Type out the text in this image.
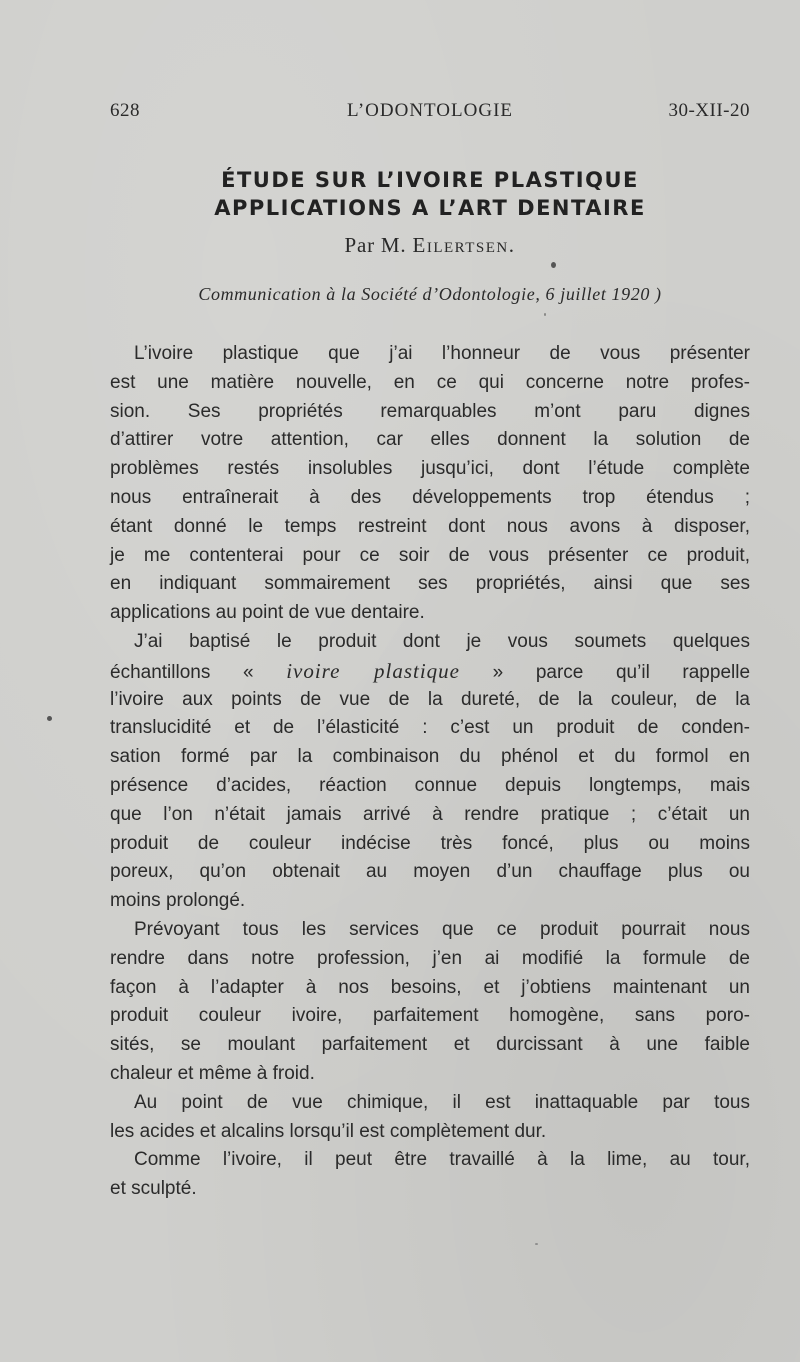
628	L’ODONTOLOGIE	30-XII-20
ÉTUDE SUR L’IVOIRE PLASTIQUE
APPLICATIONS A L’ART DENTAIRE
Par M. Eilertsen.
Communication à la Société d’Odontologie, 6 juillet 1920 )
L’ivoire plastique que j’ai l’honneur de vous présenter
est une matière nouvelle, en ce qui concerne notre profes-
sion. Ses propriétés remarquables m’ont paru dignes
d’attirer votre attention, car elles donnent la solution de
problèmes restés insolubles jusqu’ici, dont l’étude complète
nous entraînerait à des développements trop étendus ;
étant donné le temps restreint dont nous avons à disposer,
je me contenterai pour ce soir de vous présenter ce produit,
en indiquant sommairement ses propriétés, ainsi que ses
applications au point de vue dentaire.
J’ai baptisé le produit dont je vous soumets quelques
échantillons « ivoire plastique » parce qu’il rappelle
l’ivoire aux points de vue de la dureté, de la couleur, de la
translucidité et de l’élasticité : c’est un produit de conden-
sation formé par la combinaison du phénol et du formol en
présence d’acides, réaction connue depuis longtemps, mais
que l’on n’était jamais arrivé à rendre pratique ; c’était un
produit de couleur indécise très foncé, plus ou moins
poreux, qu’on obtenait au moyen d’un chauffage plus ou
moins prolongé.
Prévoyant tous les services que ce produit pourrait nous
rendre dans notre profession, j’en ai modifié la formule de
façon à l’adapter à nos besoins, et j’obtiens maintenant un
produit couleur ivoire, parfaitement homogène, sans poro-
sités, se moulant parfaitement et durcissant à une faible
chaleur et même à froid.
Au point de vue chimique, il est inattaquable par tous
les acides et alcalins lorsqu’il est complètement dur.
Comme l’ivoire, il peut être travaillé à la lime, au tour,
et sculpté.
